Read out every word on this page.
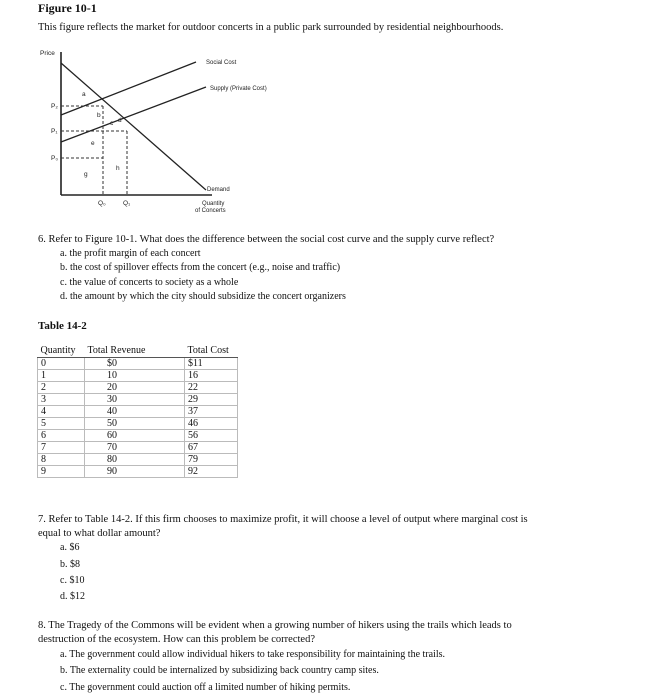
Figure 10-1
This figure reflects the market for outdoor concerts in a public park surrounded by residential neighbourhoods.
Price
Quantity
of Concerts
Social Cost
Supply (Private Cost)
Demand
P₂
P₁
P₀
Q₀	Q₁
a
b
c d
e
g
h
6. Refer to Figure 10-1. What does the difference between the social cost curve and the supply curve reflect?
a. the profit margin of each concert
b. the cost of spillover effects from the concert (e.g., noise and traffic)
c. the value of concerts to society as a whole
d. the amount by which the city should subsidize the concert organizers
Table 14-2
Quantity	Total Revenue	Total Cost
0	$0	$11
1	10	16
2	20	22
3	30	29
4	40	37
5	50	46
6	60	56
7	70	67
8	80	79
9	90	92
7. Refer to Table 14-2. If this firm chooses to maximize profit, it will choose a level of output where marginal cost is
equal to what dollar amount?
a. $6
b. $8
c. $10
d. $12
8. The Tragedy of the Commons will be evident when a growing number of hikers using the trails which leads to
destruction of the ecosystem. How can this problem be corrected?
a. The government could allow individual hikers to take responsibility for maintaining the trails.
b. The externality could be internalized by subsidizing back country camp sites.
c. The government could auction off a limited number of hiking permits.
